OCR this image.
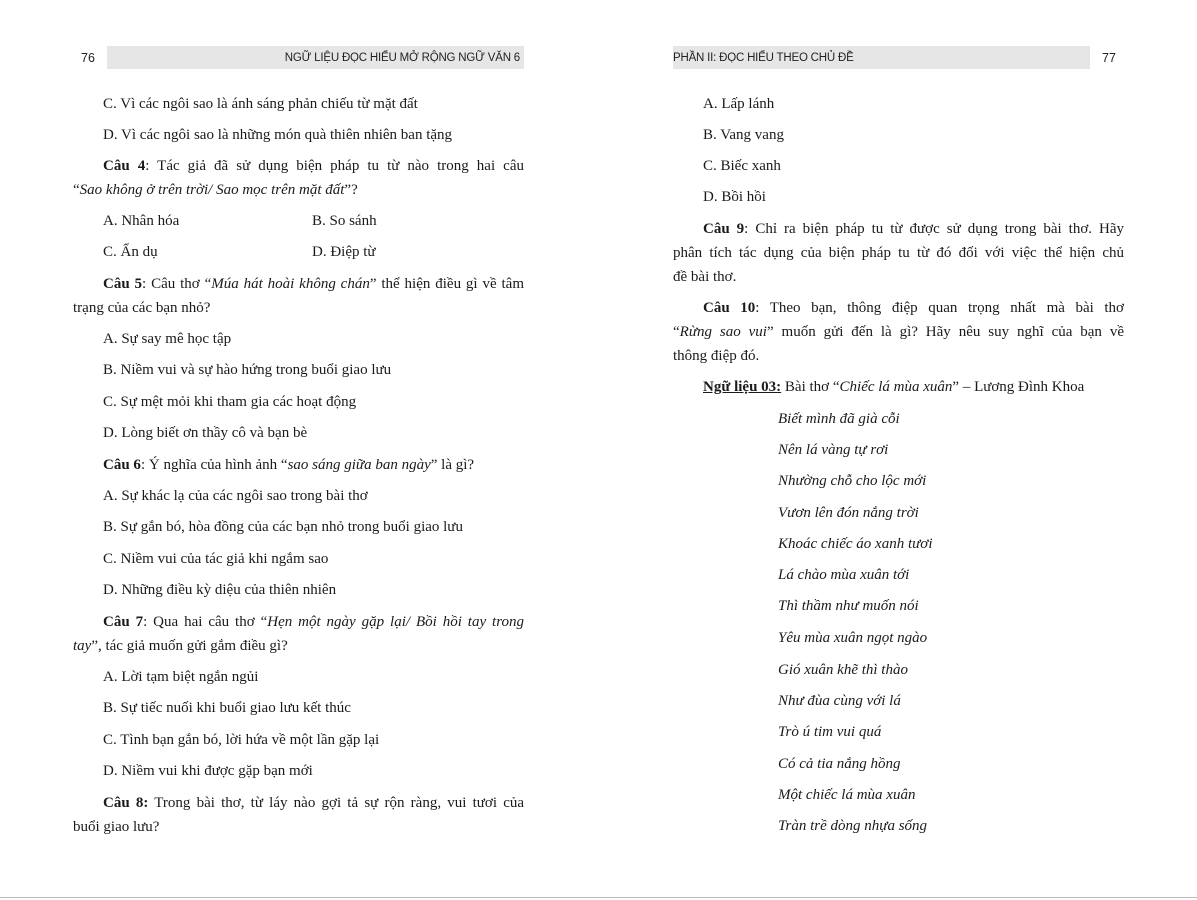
76	NGỮ LIỆU ĐỌC HIỂU MỞ RỘNG NGỮ VĂN 6
C. Vì các ngôi sao là ánh sáng phản chiếu từ mặt đất
D. Vì các ngôi sao là những món quà thiên nhiên ban tặng
Câu 4: Tác giả đã sử dụng biện pháp tu từ nào trong hai câu
“Sao không ở trên trời/ Sao mọc trên mặt đất”?
A. Nhân hóa	B. So sánh
C. Ẩn dụ	D. Điệp từ
Câu 5: Câu thơ “Múa hát hoài không chán” thể hiện điều gì về tâm
trạng của các bạn nhỏ?
A. Sự say mê học tập
B. Niềm vui và sự hào hứng trong buổi giao lưu
C. Sự mệt mỏi khi tham gia các hoạt động
D. Lòng biết ơn thầy cô và bạn bè
Câu 6: Ý nghĩa của hình ảnh “sao sáng giữa ban ngày” là gì?
A. Sự khác lạ của các ngôi sao trong bài thơ
B. Sự gắn bó, hòa đồng của các bạn nhỏ trong buổi giao lưu
C. Niềm vui của tác giả khi ngắm sao
D. Những điều kỳ diệu của thiên nhiên
Câu 7: Qua hai câu thơ “Hẹn một ngày gặp lại/ Bồi hồi tay trong
tay”, tác giả muốn gửi gắm điều gì?
A. Lời tạm biệt ngắn ngủi
B. Sự tiếc nuối khi buổi giao lưu kết thúc
C. Tình bạn gắn bó, lời hứa về một lần gặp lại
D. Niềm vui khi được gặp bạn mới
Câu 8: Trong bài thơ, từ láy nào gợi tả sự rộn ràng, vui tươi của
buổi giao lưu?
PHẦN II: ĐỌC HIỂU THEO CHỦ ĐỀ	77
A. Lấp lánh
B. Vang vang
C. Biếc xanh
D. Bồi hồi
Câu 9: Chỉ ra biện pháp tu từ được sử dụng trong bài thơ. Hãy
phân tích tác dụng của biện pháp tu từ đó đối với việc thể hiện chủ
đề bài thơ.
Câu 10: Theo bạn, thông điệp quan trọng nhất mà bài thơ
“Rừng sao vui” muốn gửi đến là gì? Hãy nêu suy nghĩ của bạn về
thông điệp đó.
Ngữ liệu 03: Bài thơ “Chiếc lá mùa xuân” – Lương Đình Khoa
Biết mình đã già cỗi
Nên lá vàng tự rơi
Nhường chỗ cho lộc mới
Vươn lên đón nắng trời
Khoác chiếc áo xanh tươi
Lá chào mùa xuân tới
Thì thầm như muốn nói
Yêu mùa xuân ngọt ngào
Gió xuân khẽ thì thào
Như đùa cùng với lá
Trò ú tim vui quá
Có cả tia nắng hồng
Một chiếc lá mùa xuân
Tràn trề dòng nhựa sống
